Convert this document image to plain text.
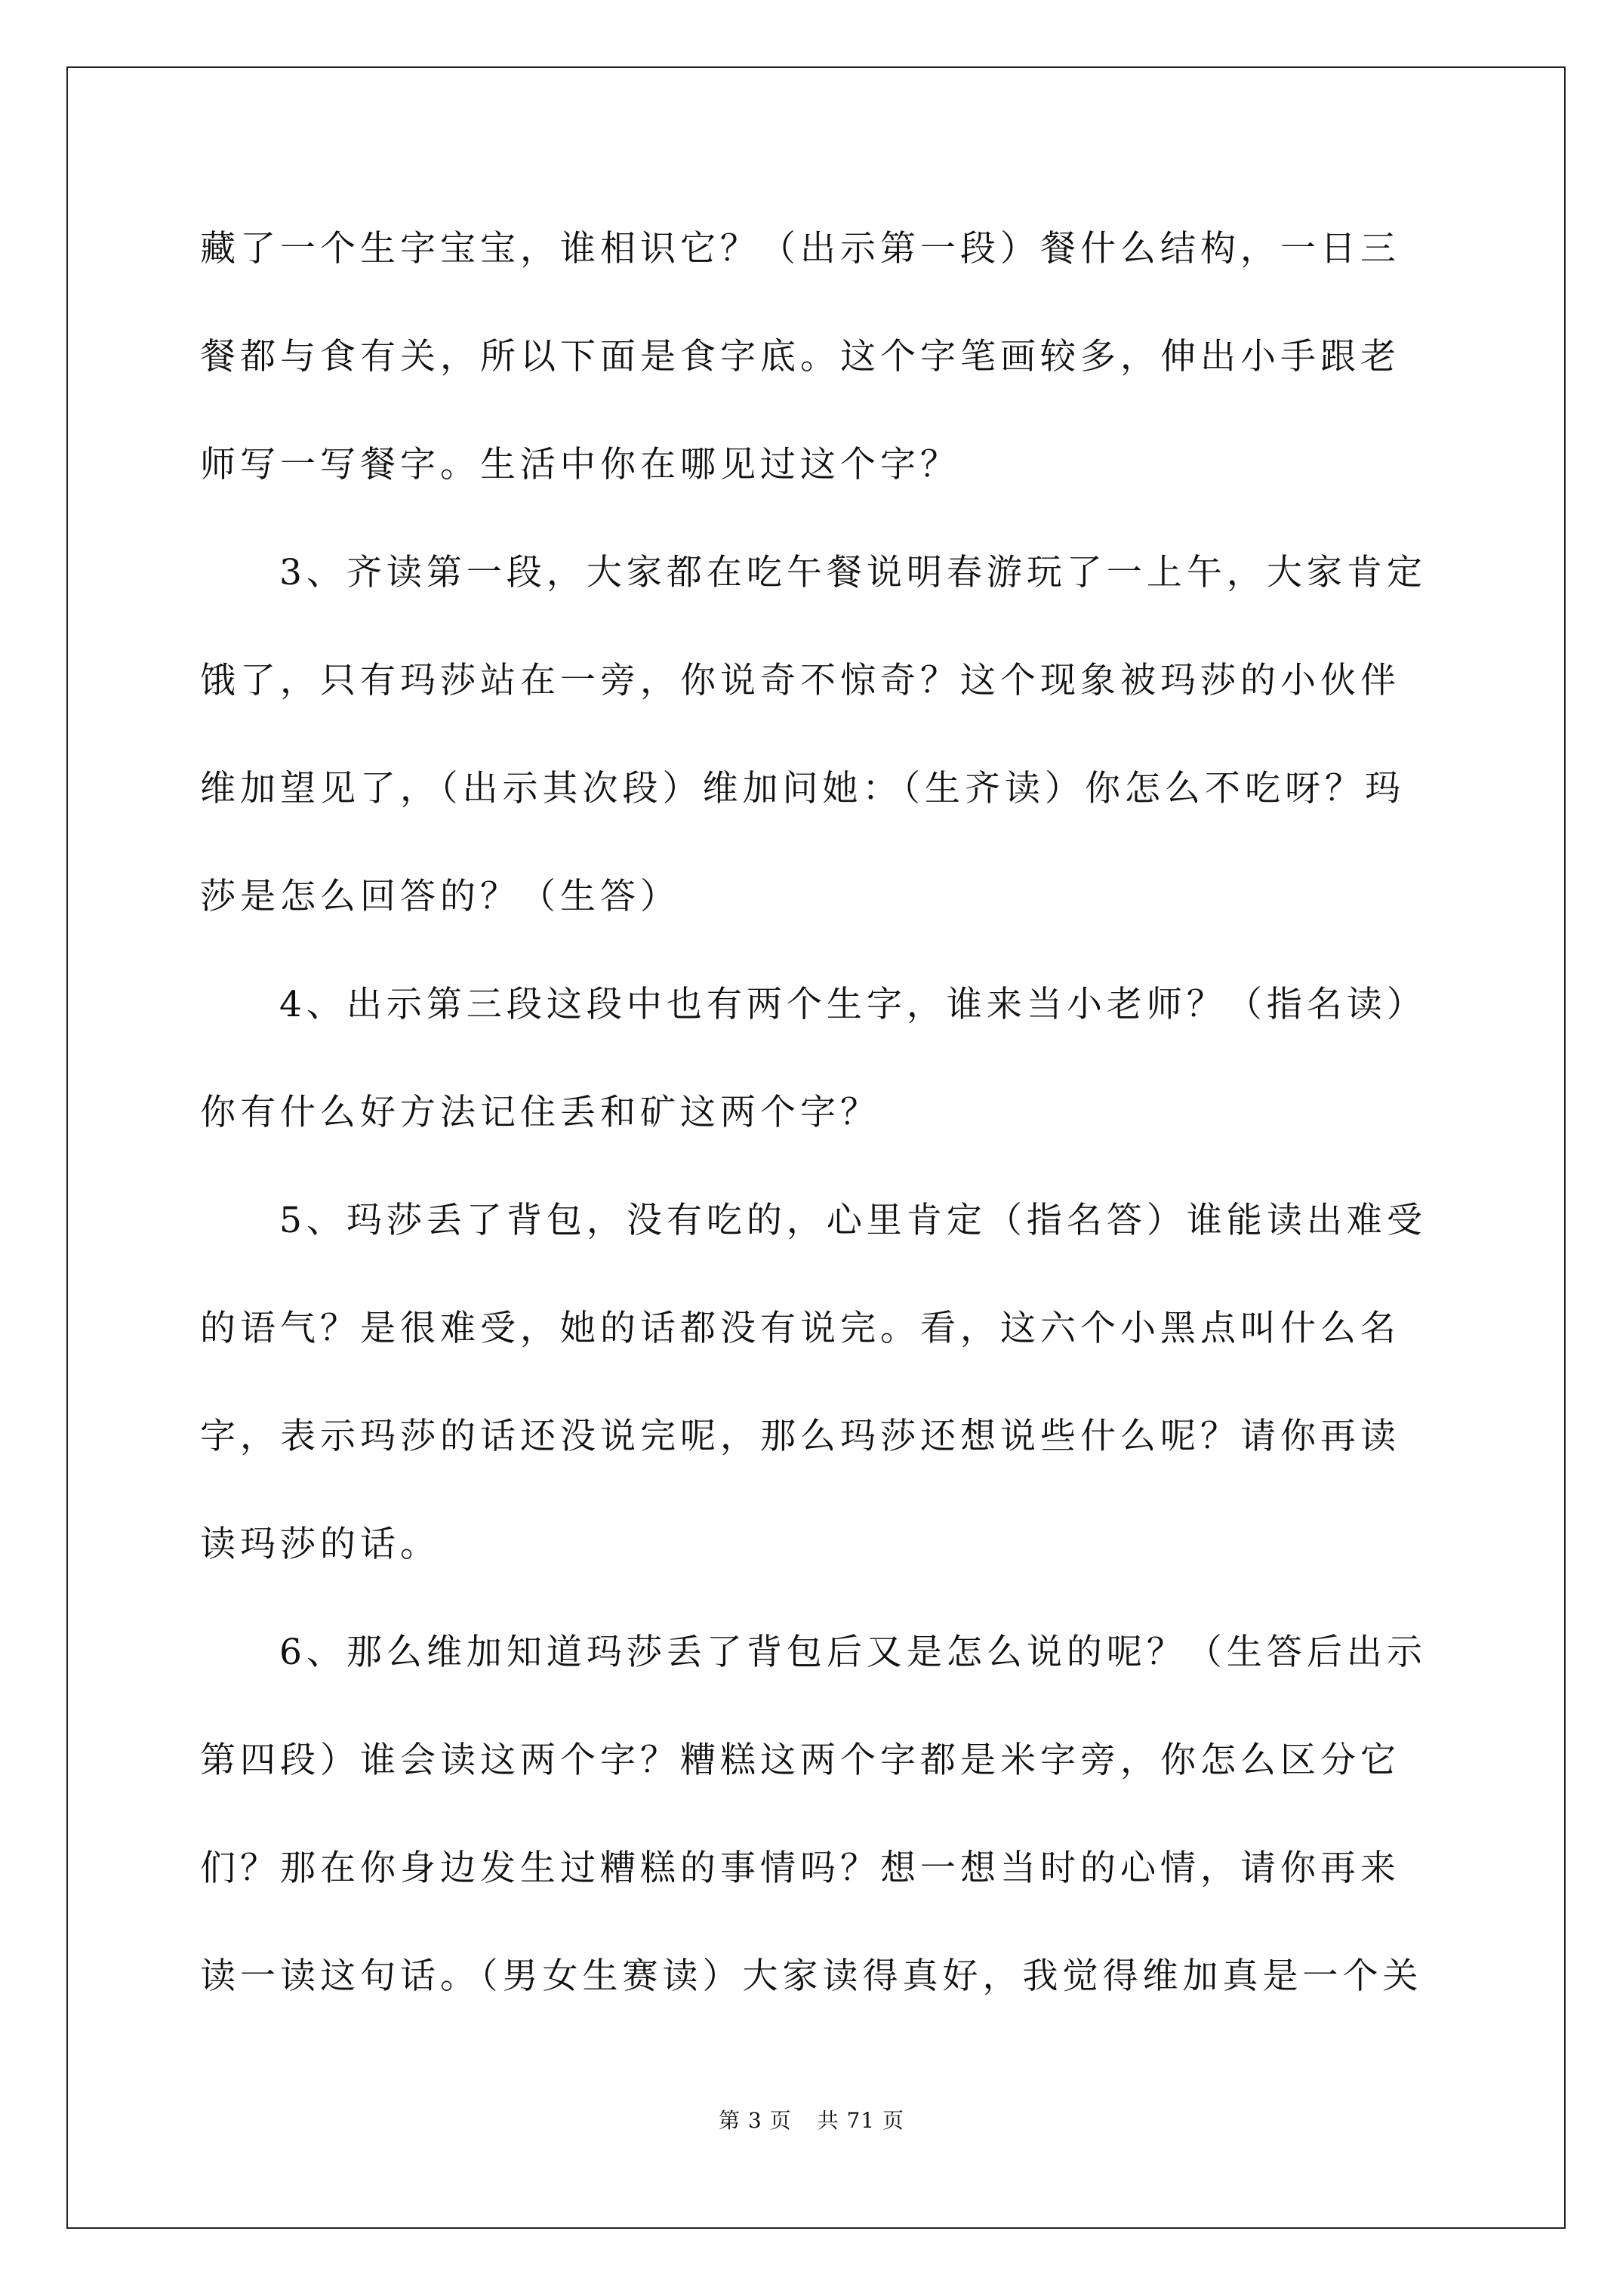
藏了一个生字宝宝，谁相识它？（出示第一段）餐什么结构，一日三
餐都与食有关，所以下面是食字底。这个字笔画较多，伸出小手跟老
师写一写餐字。生活中你在哪见过这个字？
3、齐读第一段，大家都在吃午餐说明春游玩了一上午，大家肯定
饿了，只有玛莎站在一旁，你说奇不惊奇？这个现象被玛莎的小伙伴
维加望见了，（出示其次段）维加问她：（生齐读）你怎么不吃呀？玛
莎是怎么回答的？（生答）
4、出示第三段这段中也有两个生字，谁来当小老师？（指名读）
你有什么好方法记住丢和矿这两个字？
5、玛莎丢了背包，没有吃的，心里肯定（指名答）谁能读出难受
的语气？是很难受，她的话都没有说完。看，这六个小黑点叫什么名
字，表示玛莎的话还没说完呢，那么玛莎还想说些什么呢？请你再读
读玛莎的话。
6、那么维加知道玛莎丢了背包后又是怎么说的呢？（生答后出示
第四段）谁会读这两个字？糟糕这两个字都是米字旁，你怎么区分它
们？那在你身边发生过糟糕的事情吗？想一想当时的心情，请你再来
读一读这句话。（男女生赛读）大家读得真好，我觉得维加真是一个关
第 3 页 共 71 页
